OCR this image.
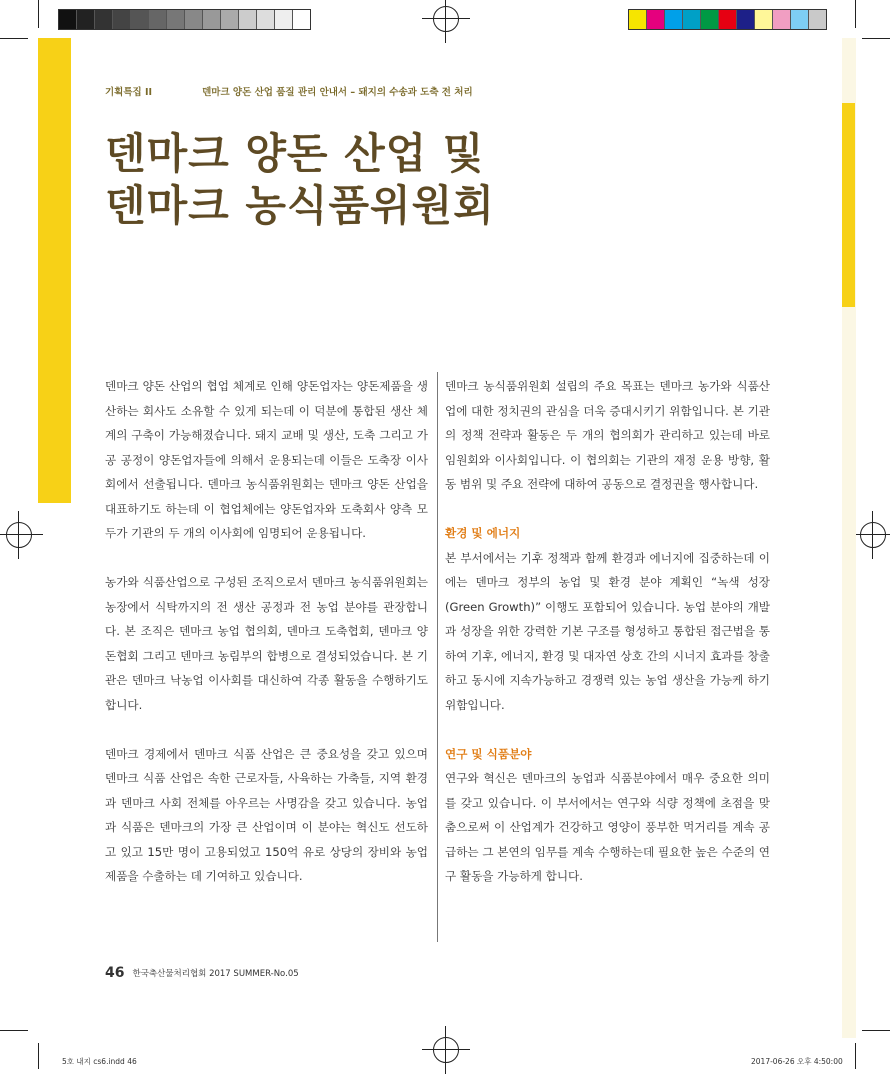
기획특집 II	덴마크 양돈 산업 품질 관리 안내서 – 돼지의 수송과 도축 전 처리
덴마크 양돈 산업 및
덴마크 농식품위원회

덴마크 양돈 산업의 협업 체계로 인해 양돈업자는 양돈제품을 생산하는 회사도 소유할 수 있게 되는데 이 덕분에 통합된 생산 체계의 구축이 가능해졌습니다. 돼지 교배 및 생산, 도축 그리고 가공 공정이 양돈업자들에 의해서 운용되는데 이들은 도축장 이사회에서 선출됩니다. 덴마크 농식품위원회는 덴마크 양돈 산업을 대표하기도 하는데 이 협업체에는 양돈업자와 도축회사 양측 모두가 기관의 두 개의 이사회에 임명되어 운용됩니다.

농가와 식품산업으로 구성된 조직으로서 덴마크 농식품위원회는 농장에서 식탁까지의 전 생산 공정과 전 농업 분야를 관장합니다. 본 조직은 덴마크 농업 협의회, 덴마크 도축협회, 덴마크 양돈협회 그리고 덴마크 농림부의 합병으로 결성되었습니다. 본 기관은 덴마크 낙농업 이사회를 대신하여 각종 활동을 수행하기도 합니다.

덴마크 경제에서 덴마크 식품 산업은 큰 중요성을 갖고 있으며 덴마크 식품 산업은 속한 근로자들, 사육하는 가축들, 지역 환경과 덴마크 사회 전체를 아우르는 사명감을 갖고 있습니다. 농업과 식품은 덴마크의 가장 큰 산업이며 이 분야는 혁신도 선도하고 있고 15만 명이 고용되었고 150억 유로 상당의 장비와 농업 제품을 수출하는 데 기여하고 있습니다.

덴마크 농식품위원회 설립의 주요 목표는 덴마크 농가와 식품산업에 대한 정치권의 관심을 더욱 증대시키기 위함입니다. 본 기관의 정책 전략과 활동은 두 개의 협의회가 관리하고 있는데 바로 임원회와 이사회입니다. 이 협의회는 기관의 재정 운용 방향, 활동 범위 및 주요 전략에 대하여 공동으로 결정권을 행사합니다.

환경 및 에너지

본 부서에서는 기후 정책과 함께 환경과 에너지에 집중하는데 이에는 덴마크 정부의 농업 및 환경 분야 계획인 “녹색 성장(Green Growth)” 이행도 포함되어 있습니다. 농업 분야의 개발과 성장을 위한 강력한 기본 구조를 형성하고 통합된 접근법을 통하여 기후, 에너지, 환경 및 대자연 상호 간의 시너지 효과를 창출하고 동시에 지속가능하고 경쟁력 있는 농업 생산을 가능케 하기 위함입니다.

연구 및 식품분야

연구와 혁신은 덴마크의 농업과 식품분야에서 매우 중요한 의미를 갖고 있습니다. 이 부서에서는 연구와 식량 정책에 초점을 맞춤으로써 이 산업계가 건강하고 영양이 풍부한 먹거리를 계속 공급하는 그 본연의 임무를 계속 수행하는데 필요한 높은 수준의 연구 활동을 가능하게 합니다.

46 한국축산물처리협회 2017 SUMMER-No.05
5호 내지 cs6.indd 46	2017-06-26 오후 4:50:00
